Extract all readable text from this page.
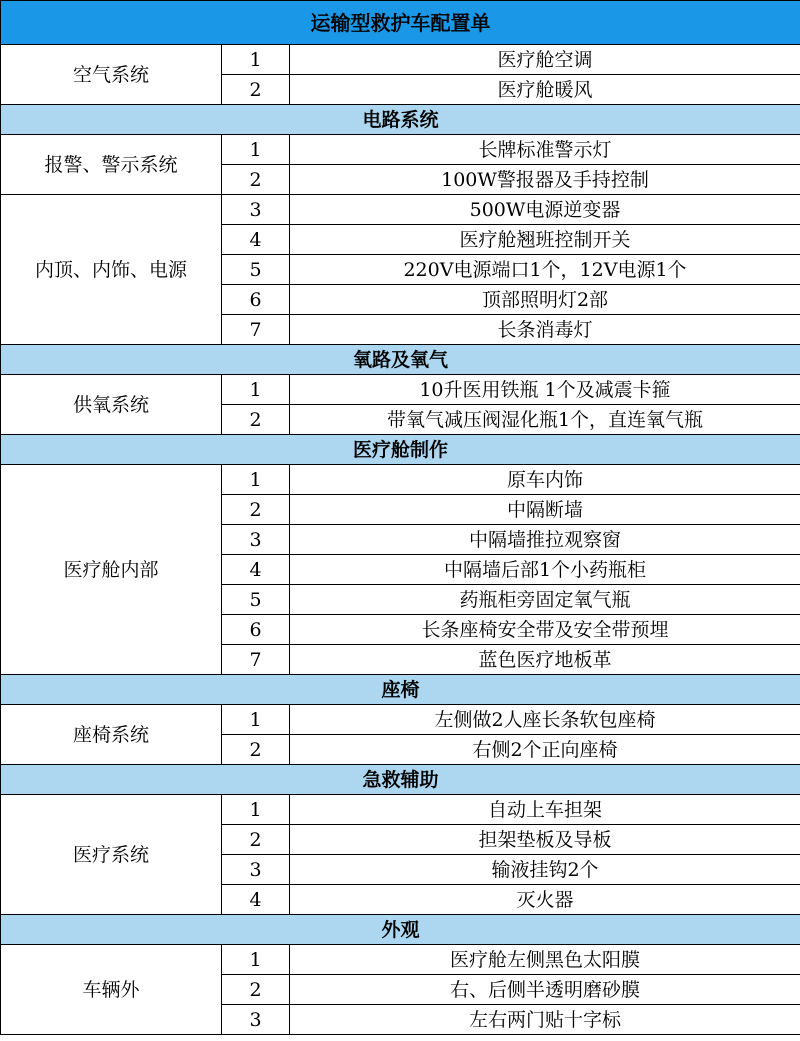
运输型救护车配置单		
空气系统	1	医疗舱空调
	2	医疗舱暖风
电路系统		
报警、警示系统	1	长牌标准警示灯
	2	100W警报器及手持控制
内顶、内饰、电源	3	500W电源逆变器
	4	医疗舱翘班控制开关
	5	220V电源端口1个，12V电源1个
	6	顶部照明灯2部
	7	长条消毒灯
氧路及氧气		
供氧系统	1	10升医用铁瓶 1个及减震卡箍
	2	带氧气减压阀湿化瓶1个，直连氧气瓶
医疗舱制作		
医疗舱内部	1	原车内饰
	2	中隔断墙
	3	中隔墙推拉观察窗
	4	中隔墙后部1个小药瓶柜
	5	药瓶柜旁固定氧气瓶
	6	长条座椅安全带及安全带预埋
	7	蓝色医疗地板革
座椅		
座椅系统	1	左侧做2人座长条软包座椅
	2	右侧2个正向座椅
急救辅助		
医疗系统	1	自动上车担架
	2	担架垫板及导板
	3	输液挂钩2个
	4	灭火器
外观		
车辆外	1	医疗舱左侧黑色太阳膜
	2	右、后侧半透明磨砂膜
	3	左右两门贴十字标
